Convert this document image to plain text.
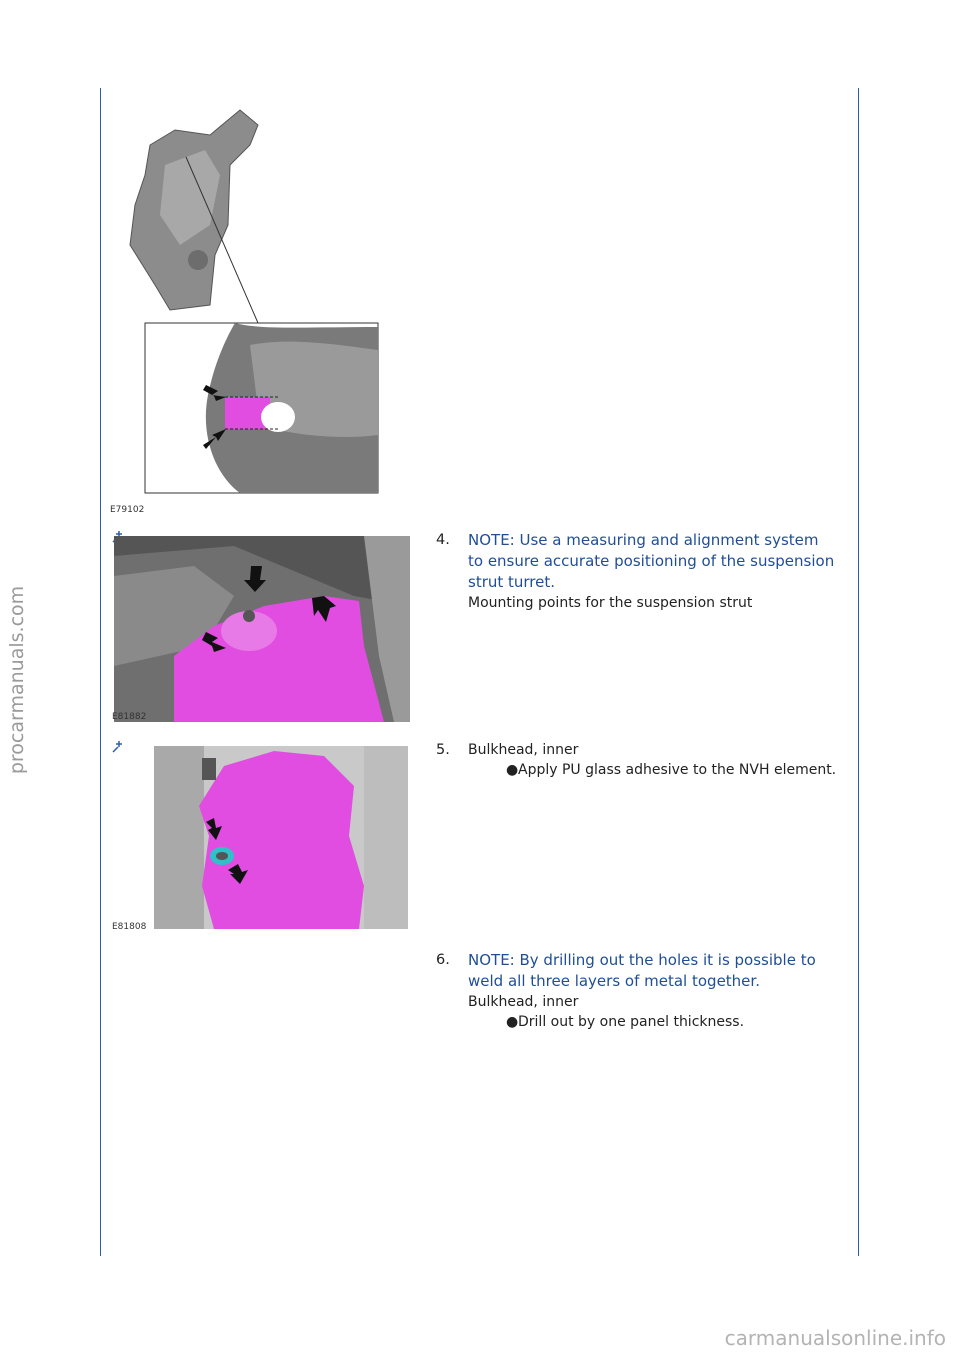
procarmanuals.com
E79102
E81882
E81808
4. NOTE: Use a measuring and alignment system to ensure accurate positioning of the suspension strut turret.
Mounting points for the suspension strut
5. Bulkhead, inner
● Apply PU glass adhesive to the NVH element.
6. NOTE: By drilling out the holes it is possible to weld all three layers of metal together.
Bulkhead, inner
● Drill out by one panel thickness.
carmanualsonline.info
